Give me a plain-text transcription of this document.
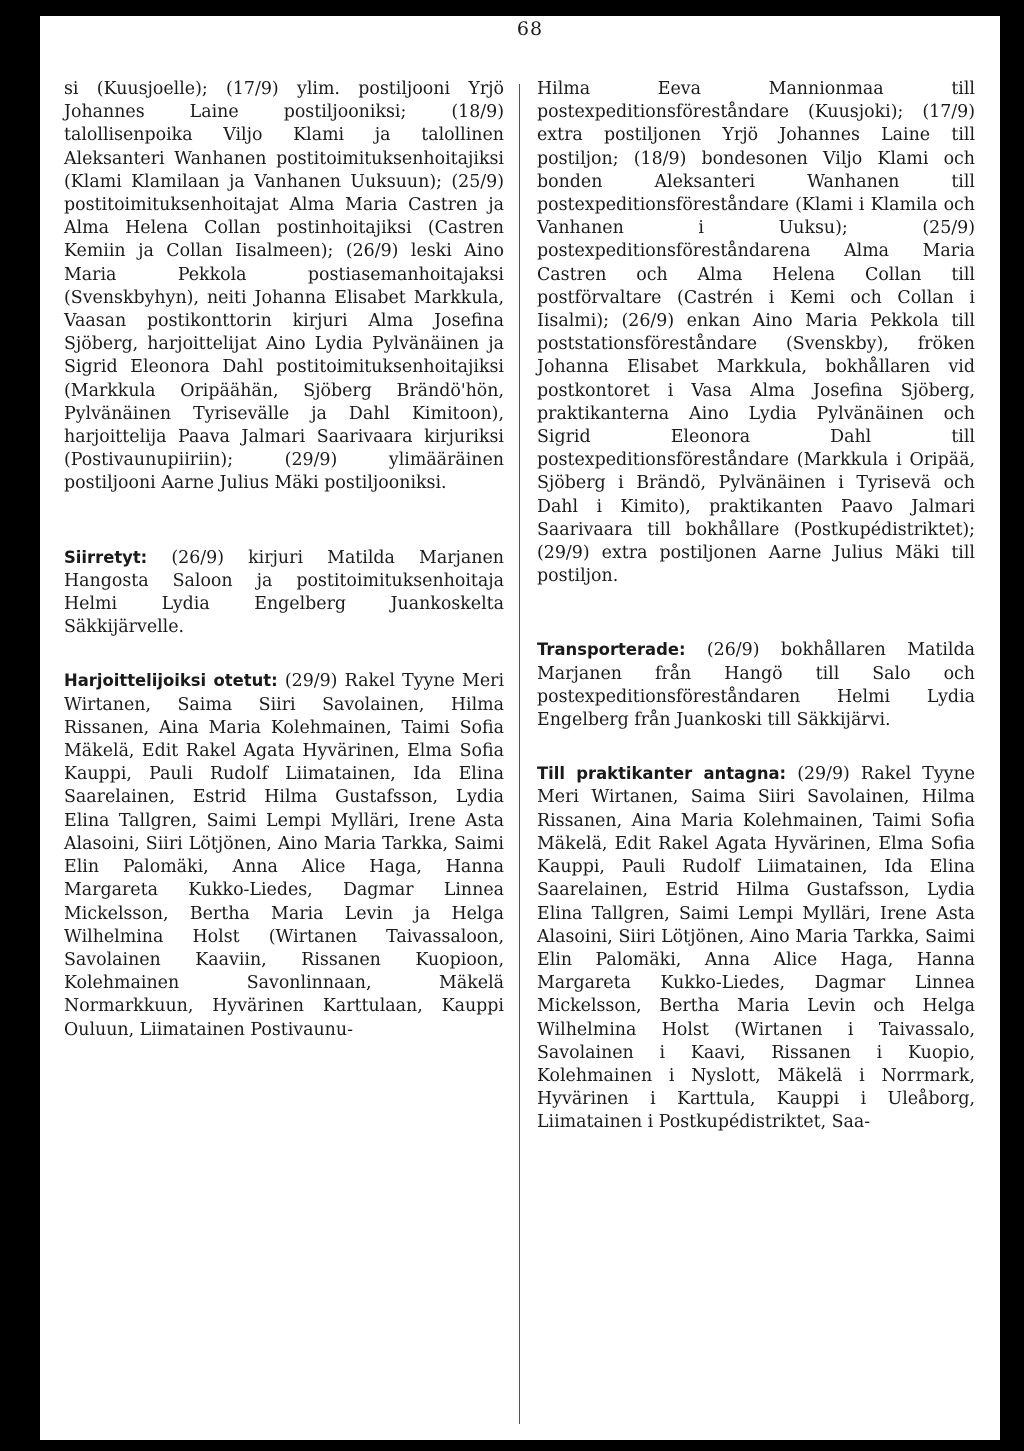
68

si (Kuusjoelle); (17/9) ylim. postiljooni Yrjö Johannes Laine postiljooniksi; (18/9) talollisenpoika Viljo Klami ja talollinen Aleksanteri Wanhanen postitoimituksenhoitajiksi (Klami Klamilaan ja Vanhanen Uuksuun); (25/9) postitoimituksenhoitajat Alma Maria Castren ja Alma Helena Collan postinhoitajiksi (Castren Kemiin ja Collan Iisalmeen); (26/9) leski Aino Maria Pekkola postiasemanhoitajaksi (Svenskbyhyn), neiti Johanna Elisabet Markkula, Vaasan postikonttorin kirjuri Alma Josefina Sjöberg, harjoittelijat Aino Lydia Pylvänäinen ja Sigrid Eleonora Dahl postitoimituksenhoitajiksi (Markkula Oripäähän, Sjöberg Brändö'hön, Pylvänäinen Tyrisevälle ja Dahl Kimitoon), harjoittelija Paava Jalmari Saarivaara kirjuriksi (Postivaunupiiriin); (29/9) ylimääräinen postiljooni Aarne Julius Mäki postiljooniksi.

Siirretyt: (26/9) kirjuri Matilda Marjanen Hangosta Saloon ja postitoimituksenhoitaja Helmi Lydia Engelberg Juankoskelta Säkkijärvelle.

Harjoittelijoiksi otetut: (29/9) Rakel Tyyne Meri Wirtanen, Saima Siiri Savolainen, Hilma Rissanen, Aina Maria Kolehmainen, Taimi Sofia Mäkelä, Edit Rakel Agata Hyvärinen, Elma Sofia Kauppi, Pauli Rudolf Liimatainen, Ida Elina Saarelainen, Estrid Hilma Gustafsson, Lydia Elina Tallgren, Saimi Lempi Mylläri, Irene Asta Alasoini, Siiri Lötjönen, Aino Maria Tarkka, Saimi Elin Palomäki, Anna Alice Haga, Hanna Margareta Kukko-Liedes, Dagmar Linnea Mickelsson, Bertha Maria Levin ja Helga Wilhelmina Holst (Wirtanen Taivassaloon, Savolainen Kaaviin, Rissanen Kuopioon, Kolehmainen Savonlinnaan, Mäkelä Normarkkuun, Hyvärinen Karttulaan, Kauppi Ouluun, Liimatainen Postivaunu-

Hilma Eeva Mannionmaa till postexpeditionsföreståndare (Kuusjoki); (17/9) extra postiljonen Yrjö Johannes Laine till postiljon; (18/9) bondesonen Viljo Klami och bonden Aleksanteri Wanhanen till postexpeditionsföreståndare (Klami i Klamila och Vanhanen i Uuksu); (25/9) postexpeditionsföreståndarena Alma Maria Castren och Alma Helena Collan till postförvaltare (Castrén i Kemi och Collan i Iisalmi); (26/9) enkan Aino Maria Pekkola till poststationsföreståndare (Svenskby), fröken Johanna Elisabet Markkula, bokhållaren vid postkontoret i Vasa Alma Josefina Sjöberg, praktikanterna Aino Lydia Pylvänäinen och Sigrid Eleonora Dahl till postexpeditionsföreståndare (Markkula i Oripää, Sjöberg i Brändö, Pylvänäinen i Tyrisevä och Dahl i Kimito), praktikanten Paavo Jalmari Saarivaara till bokhållare (Postkupédistriktet); (29/9) extra postiljonen Aarne Julius Mäki till postiljon.

Transporterade: (26/9) bokhållaren Matilda Marjanen från Hangö till Salo och postexpeditionsföreståndaren Helmi Lydia Engelberg från Juankoski till Säkkijärvi.

Till praktikanter antagna: (29/9) Rakel Tyyne Meri Wirtanen, Saima Siiri Savolainen, Hilma Rissanen, Aina Maria Kolehmainen, Taimi Sofia Mäkelä, Edit Rakel Agata Hyvärinen, Elma Sofia Kauppi, Pauli Rudolf Liimatainen, Ida Elina Saarelainen, Estrid Hilma Gustafsson, Lydia Elina Tallgren, Saimi Lempi Mylläri, Irene Asta Alasoini, Siiri Lötjönen, Aino Maria Tarkka, Saimi Elin Palomäki, Anna Alice Haga, Hanna Margareta Kukko-Liedes, Dagmar Linnea Mickelsson, Bertha Maria Levin och Helga Wilhelmina Holst (Wirtanen i Taivassalo, Savolainen i Kaavi, Rissanen i Kuopio, Kolehmainen i Nyslott, Mäkelä i Norrmark, Hyvärinen i Karttula, Kauppi i Uleåborg, Liimatainen i Postkupédistriktet, Saa-
